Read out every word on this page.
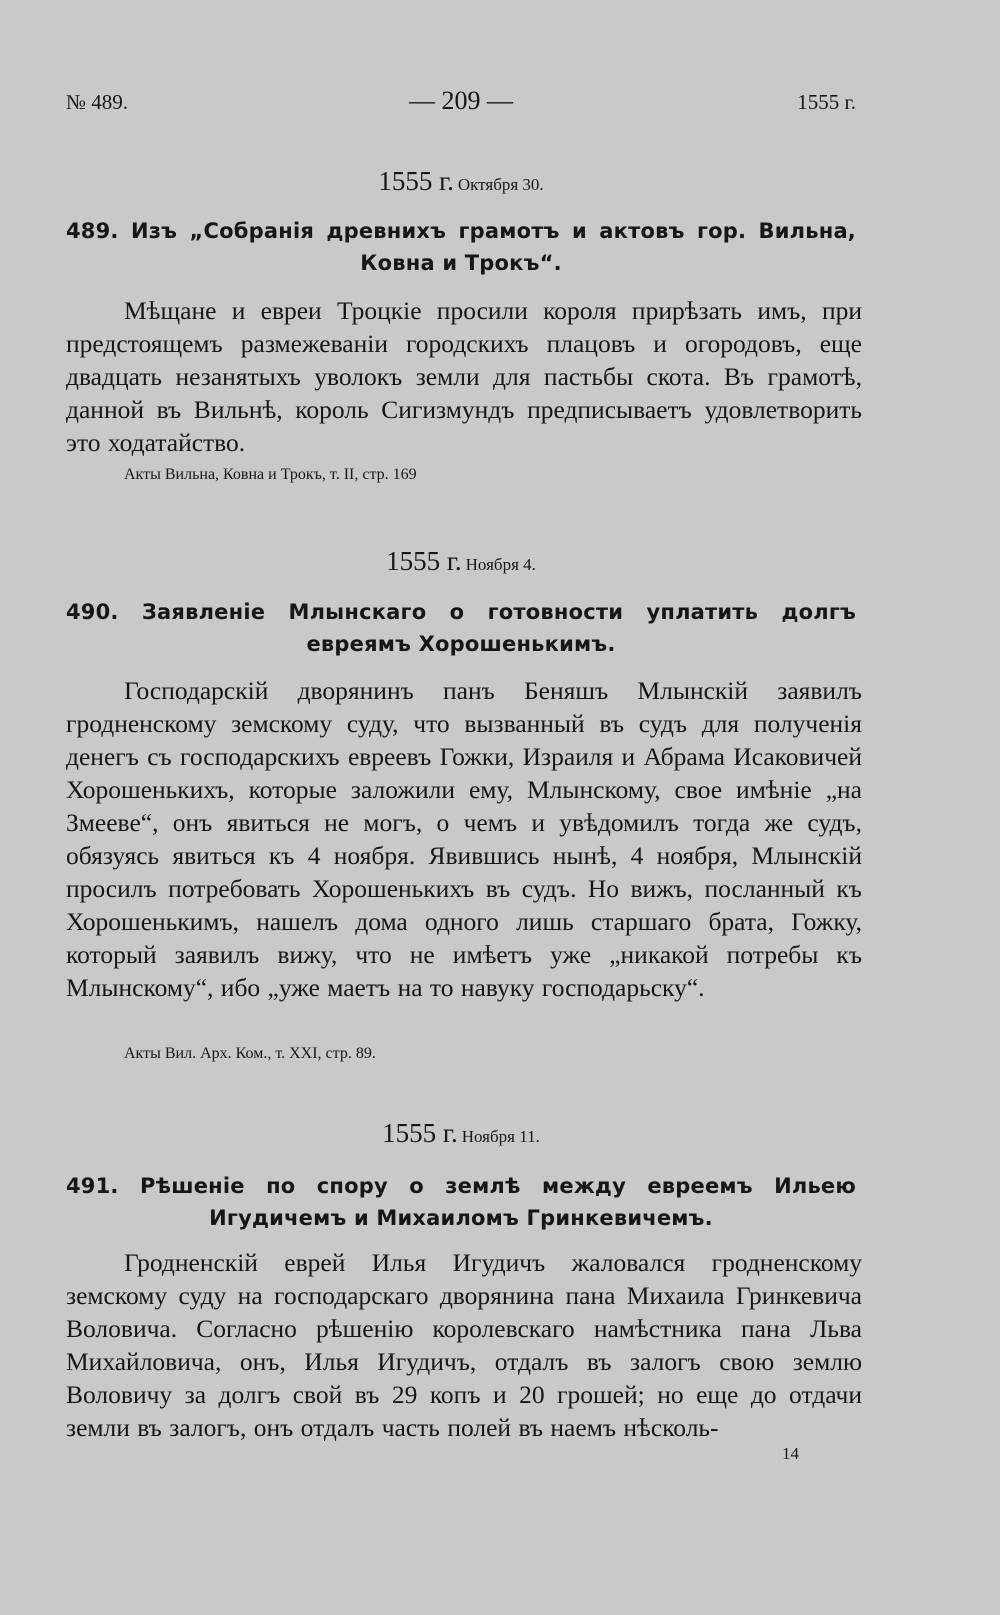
№ 489.	— 209 —	1555 г.
1555 г. Октября 30.

489. Изъ „Собранія древнихъ грамотъ и актовъ гор. Вильна, Ковна и Трокъ“.

Мѣщане и евреи Троцкіе просили короля прирѣзать имъ, при предстоящемъ размежеванiи городскихъ плацовъ и огородовъ, еще двадцать незанятыхъ уволокъ земли для пастьбы скота. Въ грамотѣ, данной въ Вильнѣ, король Сигизмундъ предписываетъ удовлетворить это ходатайство.

Акты Вильна, Ковна и Трокъ, т. II, стр. 169
1555 г. Ноября 4.

490. Заявленіе Млынскаго о готовности уплатить долгъ евреямъ Хорошенькимъ.

Господарскій дворянинъ панъ Беняшъ Млынскій заявилъ гродненскому земскому суду, что вызванный въ судъ для полученія денегъ съ господарскихъ евреевъ Гожки, Израиля и Абрама Исаковичей Хорошенькихъ, которые заложили ему, Млынскому, свое имѣніе „на Змееве“, онъ явиться не могъ, о чемъ и увѣдомилъ тогда же судъ, обязуясь явиться къ 4 ноября. Явившись нынѣ, 4 ноября, Млынскій просилъ потребовать Хорошенькихъ въ судъ. Но вижъ, посланный къ Хорошенькимъ, нашелъ дома одного лишь старшаго брата, Гожку, который заявилъ вижу, что не имѣетъ уже „никакой потребы къ Млынскому“, ибо „уже маетъ на то навуку господарьску“.

Акты Вил. Арх. Ком., т. XXI, стр. 89.
1555 г. Ноября 11.

491. Рѣшеніе по спору о землѣ между евреемъ Ильею Игудичемъ и Михаиломъ Гринкевичемъ.

Гродненскій еврей Илья Игудичъ жаловался гродненскому земскому суду на господарскаго дворянина пана Михаила Гринкевича Воловича. Согласно рѣшенію королевскаго намѣстника пана Льва Михайловича, онъ, Илья Игудичъ, отдалъ въ залогъ свою землю Воловичу за долгъ свой въ 29 копъ и 20 грошей; но еще до отдачи земли въ залогъ, онъ отдалъ часть полей въ наемъ нѣсколь-

14
